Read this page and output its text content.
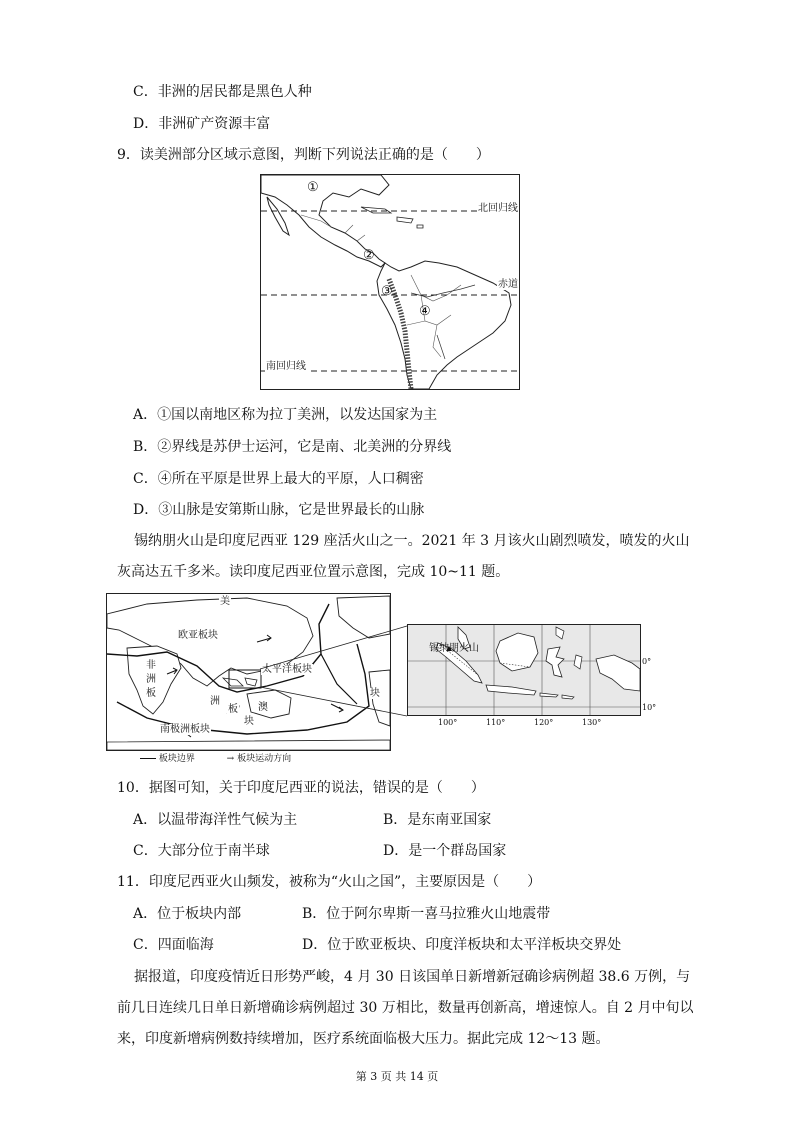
C．非洲的居民都是黑色人种
D．非洲矿产资源丰富
9．读美洲部分区域示意图，判断下列说法正确的是（　　）
北回归线
赤道
南回归线
①
②
③
④
A．①国以南地区称为拉丁美洲，以发达国家为主
B．②界线是苏伊士运河，它是南、北美洲的分界线
C．④所在平原是世界上最大的平原，人口稠密
D．③山脉是安第斯山脉，它是世界最长的山脉
锡纳朋火山是印度尼西亚 129 座活火山之一。2021 年 3 月该火山剧烈喷发，喷发的火山
灰高达五千多米。读印度尼西亚位置示意图，完成 10~11 题。
美
欧亚板块
太平洋板块
非
洲
板	块
洲
板 澳
块
南极洲板块
板块边界	→ 板块运动方向
锡纳朋火山
0°
10°
100°	110°	120°	130°
10．据图可知，关于印度尼西亚的说法，错误的是（　　）
A．以温带海洋性气候为主	B．是东南亚国家
C．大部分位于南半球	D．是一个群岛国家
11．印度尼西亚火山频发，被称为“火山之国”，主要原因是（　　）
A．位于板块内部	B．位于阿尔卑斯一喜马拉雅火山地震带
C．四面临海	D．位于欧亚板块、印度洋板块和太平洋板块交界处
据报道，印度疫情近日形势严峻，4 月 30 日该国单日新增新冠确诊病例超 38.6 万例，与
前几日连续几日单日新增确诊病例超过 30 万相比，数量再创新高，增速惊人。自 2 月中旬以
来，印度新增病例数持续增加，医疗系统面临极大压力。据此完成 12～13 题。
第 3 页 共 14 页
